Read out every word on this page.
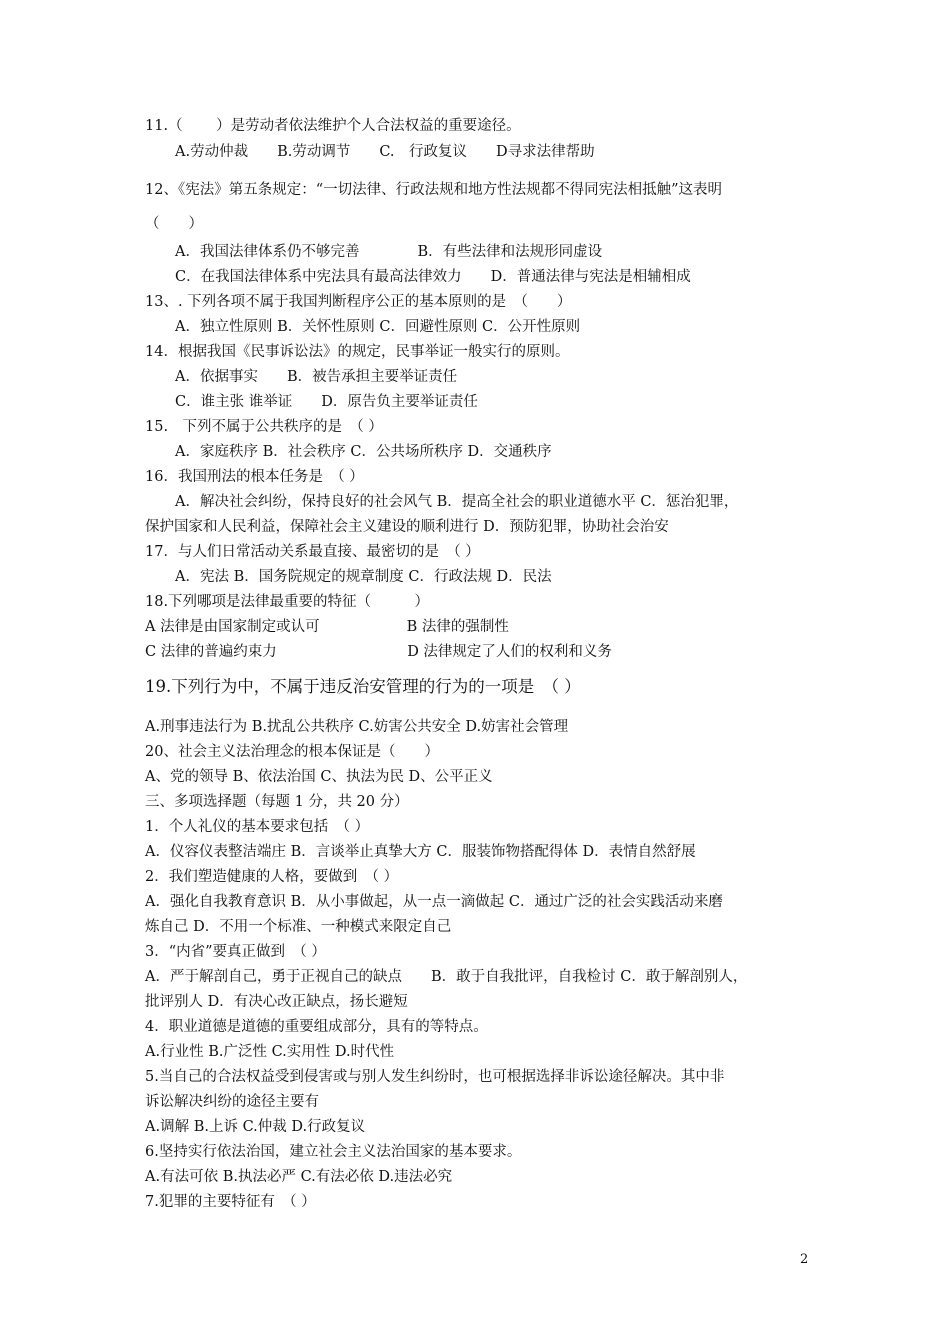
11.（　　 ）是劳动者依法维护个人合法权益的重要途径。
A.劳动仲裁　　B.劳动调节　　C.　行政复议　　D寻求法律帮助
12、《宪法》第五条规定：“一切法律、行政法规和地方性法规都不得同宪法相抵触”这表明
（　　）
A．我国法律体系仍不够完善　　　　B．有些法律和法规形同虚设
C．在我国法律体系中宪法具有最高法律效力　　D．普通法律与宪法是相辅相成
13、. 下列各项不属于我国判断程序公正的基本原则的是　（　　）
A．独立性原则 B．关怀性原则 C．回避性原则 C．公开性原则
14．根据我国《民事诉讼法》的规定，民事举证一般实行的原则。
A．依据事实　　B．被告承担主要举证责任
C．谁主张 谁举证　　D．原告负主要举证责任
15.　下列不属于公共秩序的是　（ ）
A．家庭秩序 B．社会秩序 C．公共场所秩序 D．交通秩序
16．我国刑法的根本任务是　（ ）
A．解决社会纠纷，保持良好的社会风气 B．提高全社会的职业道德水平 C．惩治犯罪，
保护国家和人民利益，保障社会主义建设的顺利进行 D．预防犯罪，协助社会治安
17．与人们日常活动关系最直接、最密切的是　（ ）
A．宪法 B．国务院规定的规章制度 C．行政法规 D．民法
18.下列哪项是法律最重要的特征（　　　）
A 法律是由国家制定或认可　　　　　　B 法律的强制性
C 法律的普遍约束力　　　　　　　　　D 法律规定了人们的权利和义务
19.下列行为中，不属于违反治安管理的行为的一项是　（ ）
A.刑事违法行为 B.扰乱公共秩序 C.妨害公共安全 D.妨害社会管理
20、社会主义法治理念的根本保证是（　　）
A、党的领导 B、依法治国 C、执法为民 D、公平正义
三、多项选择题（每题 1 分，共 20 分）
1．个人礼仪的基本要求包括　（ ）
A．仪容仪表整洁端庄 B．言谈举止真挚大方 C．服装饰物搭配得体 D．表情自然舒展
2．我们塑造健康的人格，要做到　（ ）
A．强化自我教育意识 B．从小事做起，从一点一滴做起 C．通过广泛的社会实践活动来磨
炼自己 D．不用一个标准、一种模式来限定自己
3．“内省”要真正做到　（ ）
A．严于解剖自己，勇于正视自己的缺点　　B．敢于自我批评，自我检讨 C．敢于解剖别人，
批评别人 D．有决心改正缺点，扬长避短
4．职业道德是道德的重要组成部分，具有的等特点。
A.行业性 B.广泛性 C.实用性 D.时代性
5.当自己的合法权益受到侵害或与别人发生纠纷时，也可根据选择非诉讼途径解决。其中非
诉讼解决纠纷的途径主要有
A.调解 B.上诉 C.仲裁 D.行政复议
6.坚持实行依法治国，建立社会主义法治国家的基本要求。
A.有法可依 B.执法必严 C.有法必依 D.违法必究
7.犯罪的主要特征有　（ ）
2
